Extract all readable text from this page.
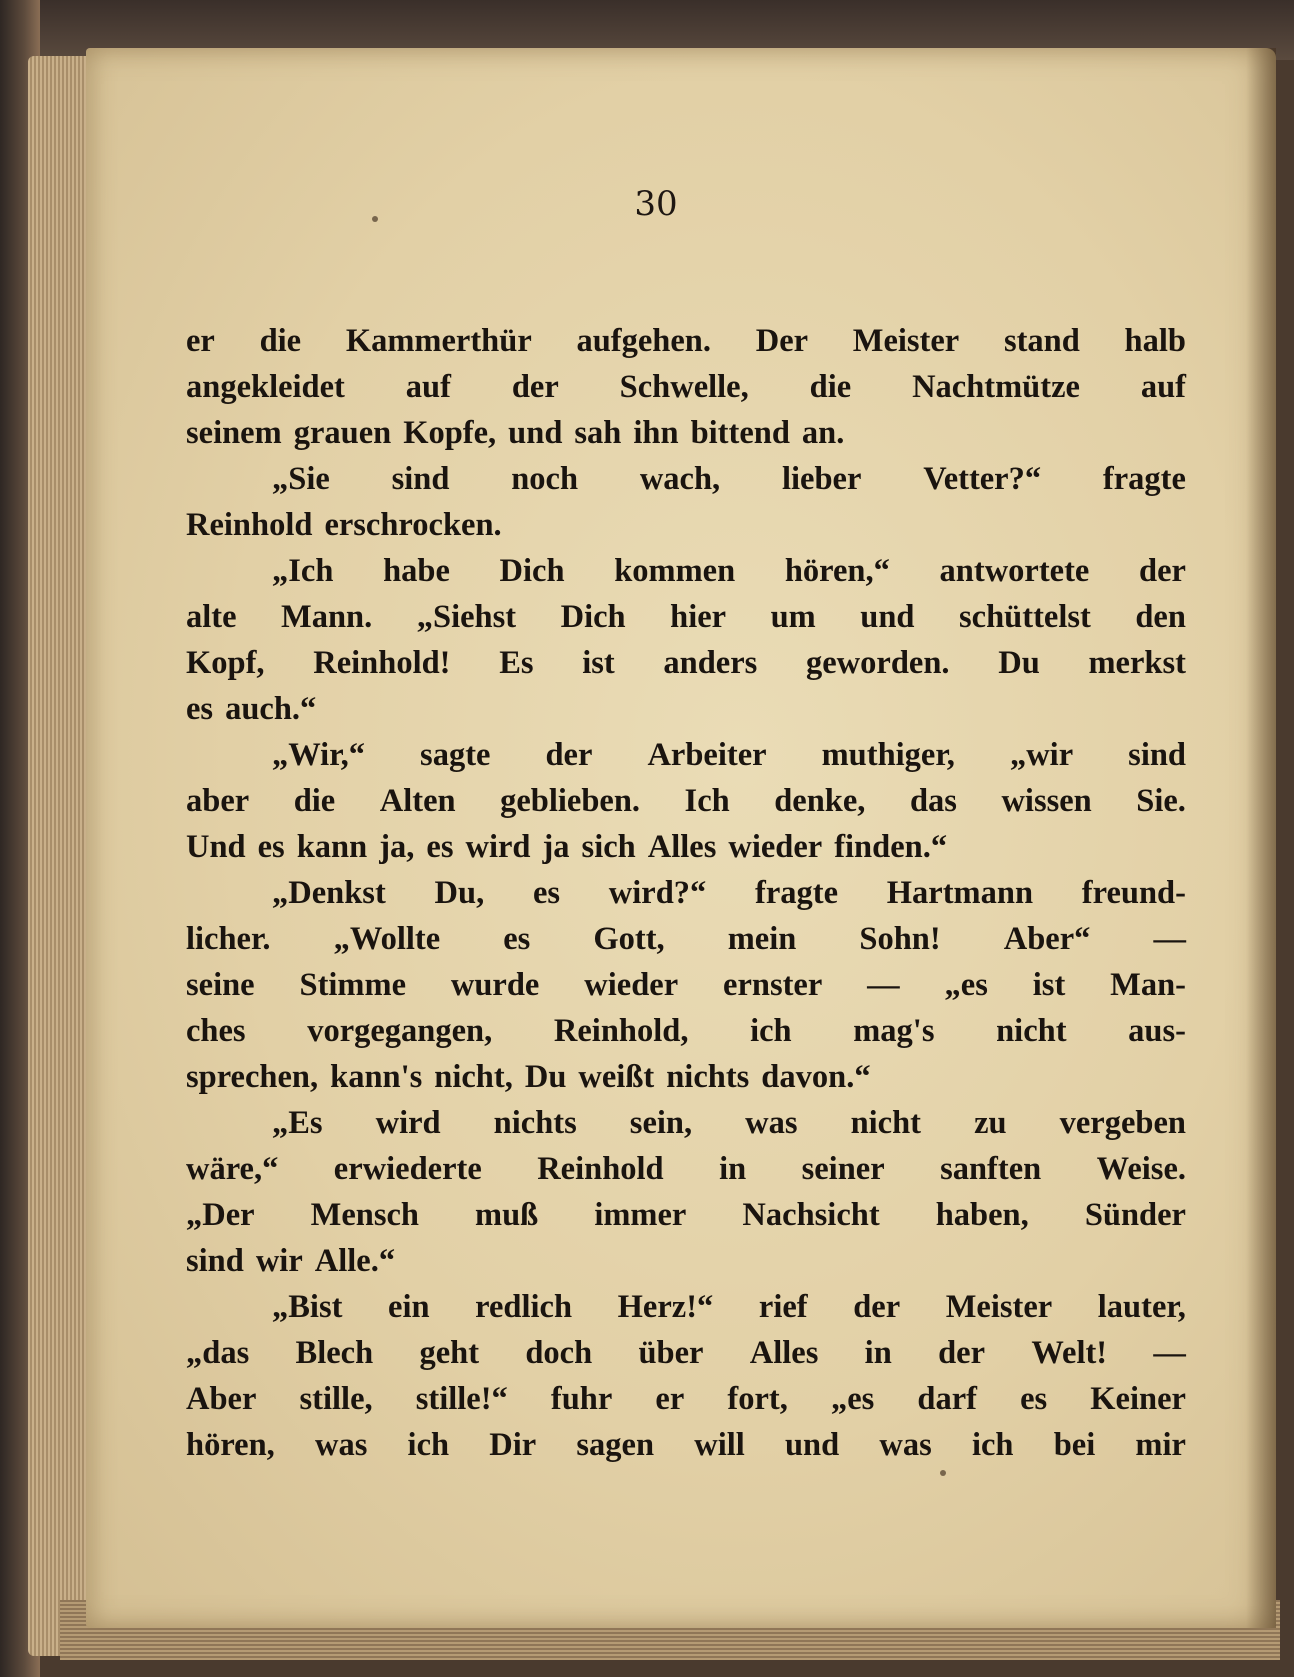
30
er die Kammerthür aufgehen. Der Meister stand halb
angekleidet auf der Schwelle, die Nachtmütze auf
seinem grauen Kopfe, und sah ihn bittend an.
„Sie sind noch wach, lieber Vetter?“ fragte
Reinhold erschrocken.
„Ich habe Dich kommen hören,“ antwortete der
alte Mann. „Siehst Dich hier um und schüttelst den
Kopf, Reinhold! Es ist anders geworden. Du merkst
es auch.“
„Wir,“ sagte der Arbeiter muthiger, „wir sind
aber die Alten geblieben. Ich denke, das wissen Sie.
Und es kann ja, es wird ja sich Alles wieder finden.“
„Denkst Du, es wird?“ fragte Hartmann freund-
licher. „Wollte es Gott, mein Sohn! Aber“ —
seine Stimme wurde wieder ernster — „es ist Man-
ches vorgegangen, Reinhold, ich mag's nicht aus-
sprechen, kann's nicht, Du weißt nichts davon.“
„Es wird nichts sein, was nicht zu vergeben
wäre,“ erwiederte Reinhold in seiner sanften Weise.
„Der Mensch muß immer Nachsicht haben, Sünder
sind wir Alle.“
„Bist ein redlich Herz!“ rief der Meister lauter,
„das Blech geht doch über Alles in der Welt! —
Aber stille, stille!“ fuhr er fort, „es darf es Keiner
hören, was ich Dir sagen will und was ich bei mir
